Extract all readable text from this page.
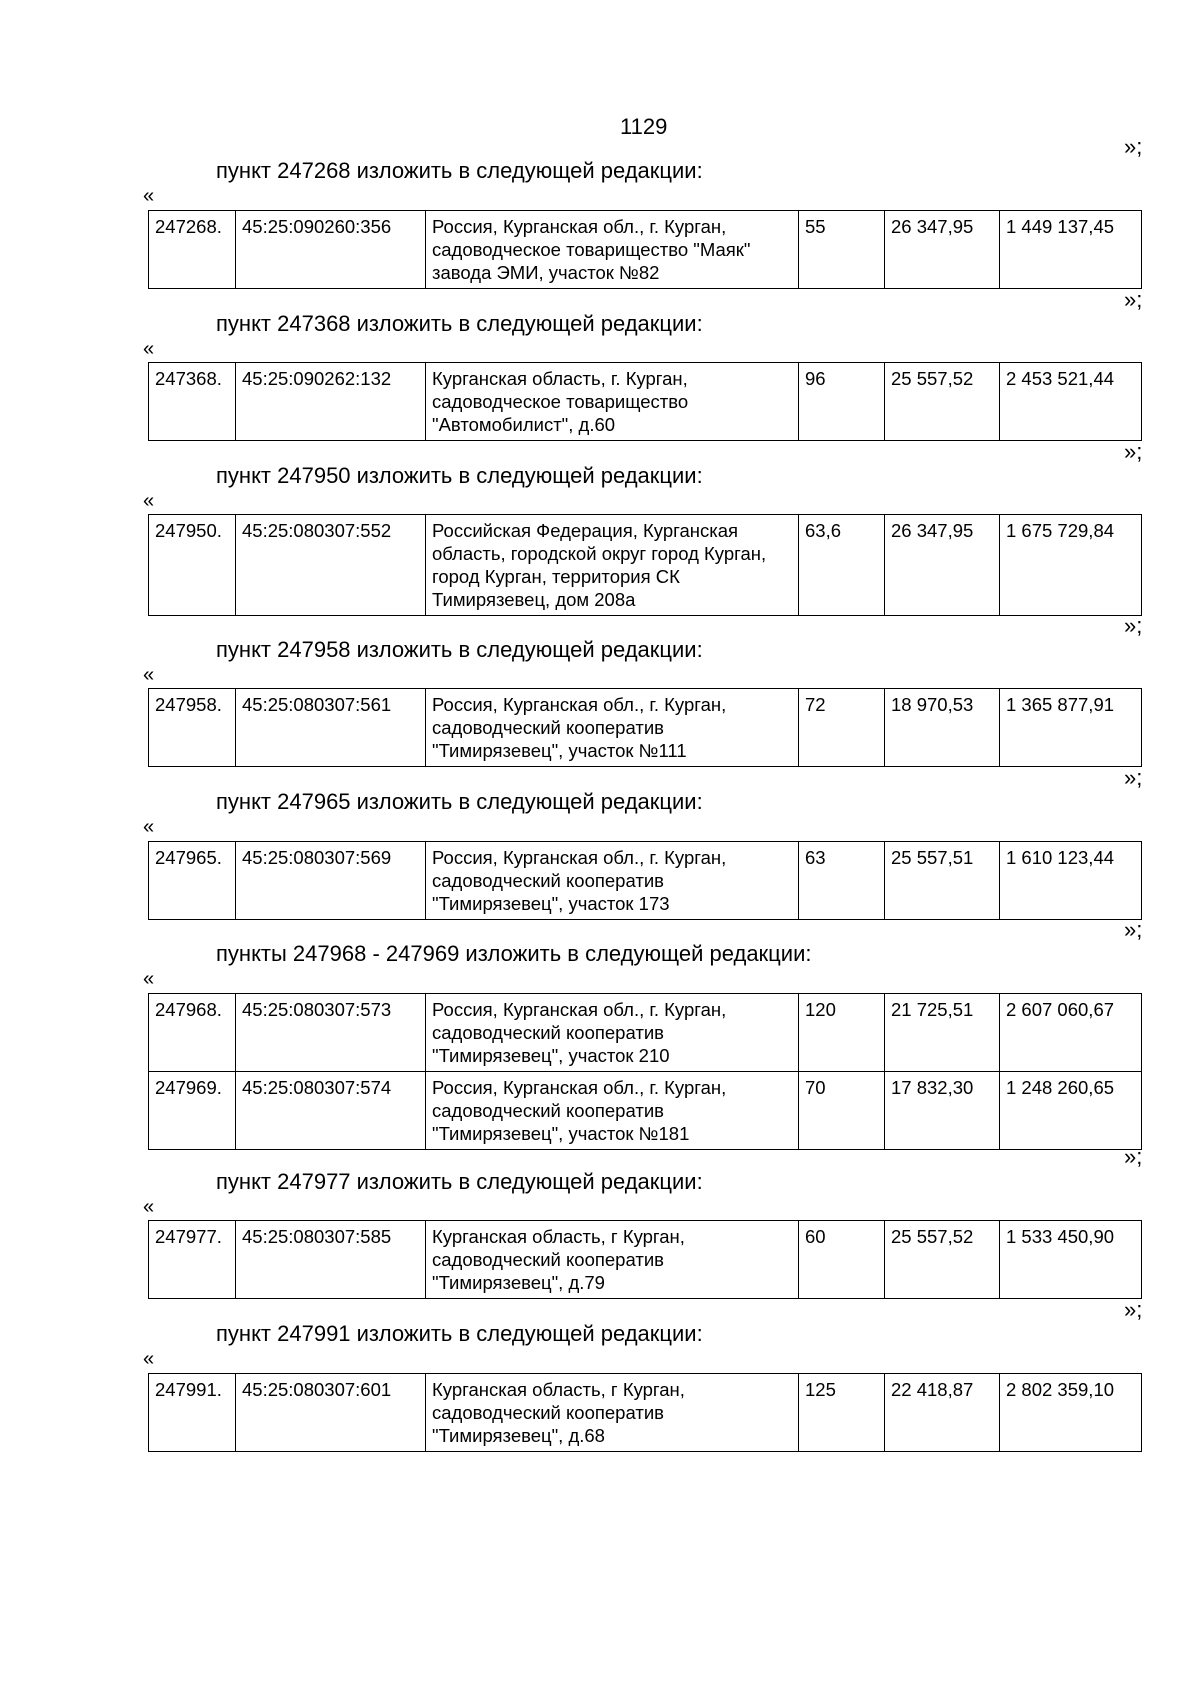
1129
»;
пункт 247268 изложить в следующей редакции:
«
247268.	45:25:090260:356	Россия, Курганская обл., г. Курган, садоводческое товарищество "Маяк" завода ЭМИ, участок №82	55	26 347,95	1 449 137,45
»;
пункт 247368 изложить в следующей редакции:
«
247368.	45:25:090262:132	Курганская область, г. Курган, садоводческое товарищество "Автомобилист", д.60	96	25 557,52	2 453 521,44
»;
пункт 247950 изложить в следующей редакции:
«
247950.	45:25:080307:552	Российская Федерация, Курганская область, городской округ город Курган, город Курган, территория СК Тимирязевец, дом 208а	63,6	26 347,95	1 675 729,84
»;
пункт 247958 изложить в следующей редакции:
«
247958.	45:25:080307:561	Россия, Курганская обл., г. Курган, садоводческий кооператив "Тимирязевец", участок №111	72	18 970,53	1 365 877,91
»;
пункт 247965 изложить в следующей редакции:
«
247965.	45:25:080307:569	Россия, Курганская обл., г. Курган, садоводческий кооператив "Тимирязевец", участок 173	63	25 557,51	1 610 123,44
»;
пункты 247968 - 247969 изложить в следующей редакции:
«
247968.	45:25:080307:573	Россия, Курганская обл., г. Курган, садоводческий кооператив "Тимирязевец", участок 210	120	21 725,51	2 607 060,67
247969.	45:25:080307:574	Россия, Курганская обл., г. Курган, садоводческий кооператив "Тимирязевец", участок №181	70	17 832,30	1 248 260,65
»;
пункт 247977 изложить в следующей редакции:
«
247977.	45:25:080307:585	Курганская область, г Курган, садоводческий кооператив "Тимирязевец", д.79	60	25 557,52	1 533 450,90
»;
пункт 247991 изложить в следующей редакции:
«
247991.	45:25:080307:601	Курганская область, г Курган, садоводческий кооператив "Тимирязевец", д.68	125	22 418,87	2 802 359,10
